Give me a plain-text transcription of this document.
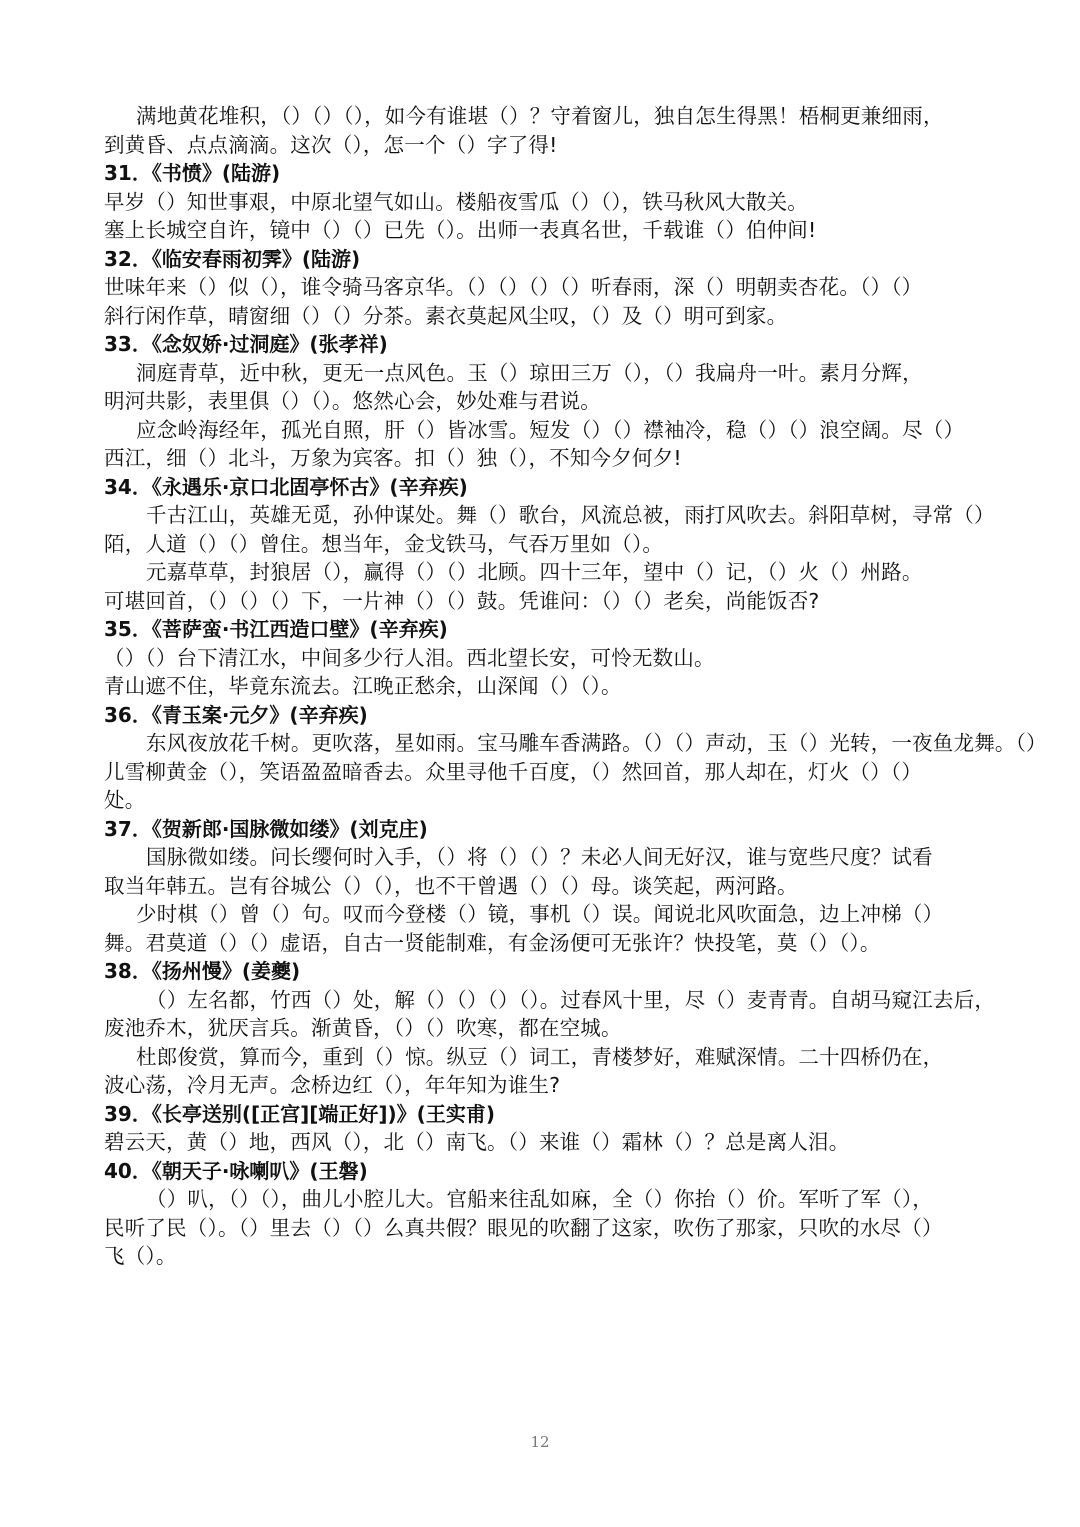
满地黄花堆积，（）（）（），如今有谁堪（）？守着窗儿，独自怎生得黑！梧桐更兼细雨，
到黄昏、点点滴滴。这次（），怎一个（）字了得!
31．《书愤》(陆游)
早岁（）知世事艰，中原北望气如山。楼船夜雪瓜（）（），铁马秋风大散关。
塞上长城空自许，镜中（）（）已先（）。出师一表真名世，千载谁（）伯仲间!
32．《临安春雨初霁》(陆游)
世味年来（）似（），谁令骑马客京华。（）（）（）（）听春雨，深（）明朝卖杏花。（）（）
斜行闲作草，晴窗细（）（）分茶。素衣莫起风尘叹，（）及（）明可到家。
33．《念奴娇·过洞庭》(张孝祥)
洞庭青草，近中秋，更无一点风色。玉（）琼田三万（），（）我扁舟一叶。素月分辉，
明河共影，表里俱（）（）。悠然心会，妙处难与君说。
应念岭海经年，孤光自照，肝（）皆冰雪。短发（）（）襟袖冷，稳（）（）浪空阔。尽（）
西江，细（）北斗，万象为宾客。扣（）独（），不知今夕何夕!
34．《永遇乐·京口北固亭怀古》(辛弃疾)
千古江山，英雄无觅，孙仲谋处。舞（）歌台，风流总被，雨打风吹去。斜阳草树，寻常（）
陌，人道（）（）曾住。想当年，金戈铁马，气吞万里如（）。
元嘉草草，封狼居（），赢得（）（）北顾。四十三年，望中（）记，（）火（）州路。
可堪回首，（）（）（）下，一片神（）（）鼓。凭谁问：（）（）老矣，尚能饭否?
35．《菩萨蛮·书江西造口壁》(辛弃疾)
（）（）台下清江水，中间多少行人泪。西北望长安，可怜无数山。
青山遮不住，毕竟东流去。江晚正愁余，山深闻（）（）。
36．《青玉案·元夕》(辛弃疾)
东风夜放花千树。更吹落，星如雨。宝马雕车香满路。（）（）声动，玉（）光转，一夜鱼龙舞。（）
儿雪柳黄金（），笑语盈盈暗香去。众里寻他千百度，（）然回首，那人却在，灯火（）（）
处。
37．《贺新郎·国脉微如缕》(刘克庄)
国脉微如缕。问长缨何时入手，（）将（）（）？未必人间无好汉，谁与宽些尺度？试看
取当年韩五。岂有谷城公（）（），也不干曾遇（）（）母。谈笑起，两河路。
少时棋（）曾（）句。叹而今登楼（）镜，事机（）误。闻说北风吹面急，边上冲梯（）
舞。君莫道（）（）虚语，自古一贤能制难，有金汤便可无张许？快投笔，莫（）（）。
38．《扬州慢》(姜夔)
（）左名都，竹西（）处，解（）（）（）（）。过春风十里，尽（）麦青青。自胡马窥江去后，
废池乔木，犹厌言兵。渐黄昏，（）（）吹寒，都在空城。
杜郎俊赏，算而今，重到（）惊。纵豆（）词工，青楼梦好，难赋深情。二十四桥仍在，
波心荡，冷月无声。念桥边红（），年年知为谁生?
39．《长亭送别([正宫][端正好])》(王实甫)
碧云天，黄（）地，西风（），北（）南飞。（）来谁（）霜林（）？总是离人泪。
40．《朝天子·咏喇叭》(王磐)
（）叭，（）（），曲儿小腔儿大。官船来往乱如麻，全（）你抬（）价。军听了军（），
民听了民（）。（）里去（）（）么真共假？眼见的吹翻了这家，吹伤了那家，只吹的水尽（）
飞（）。
12
